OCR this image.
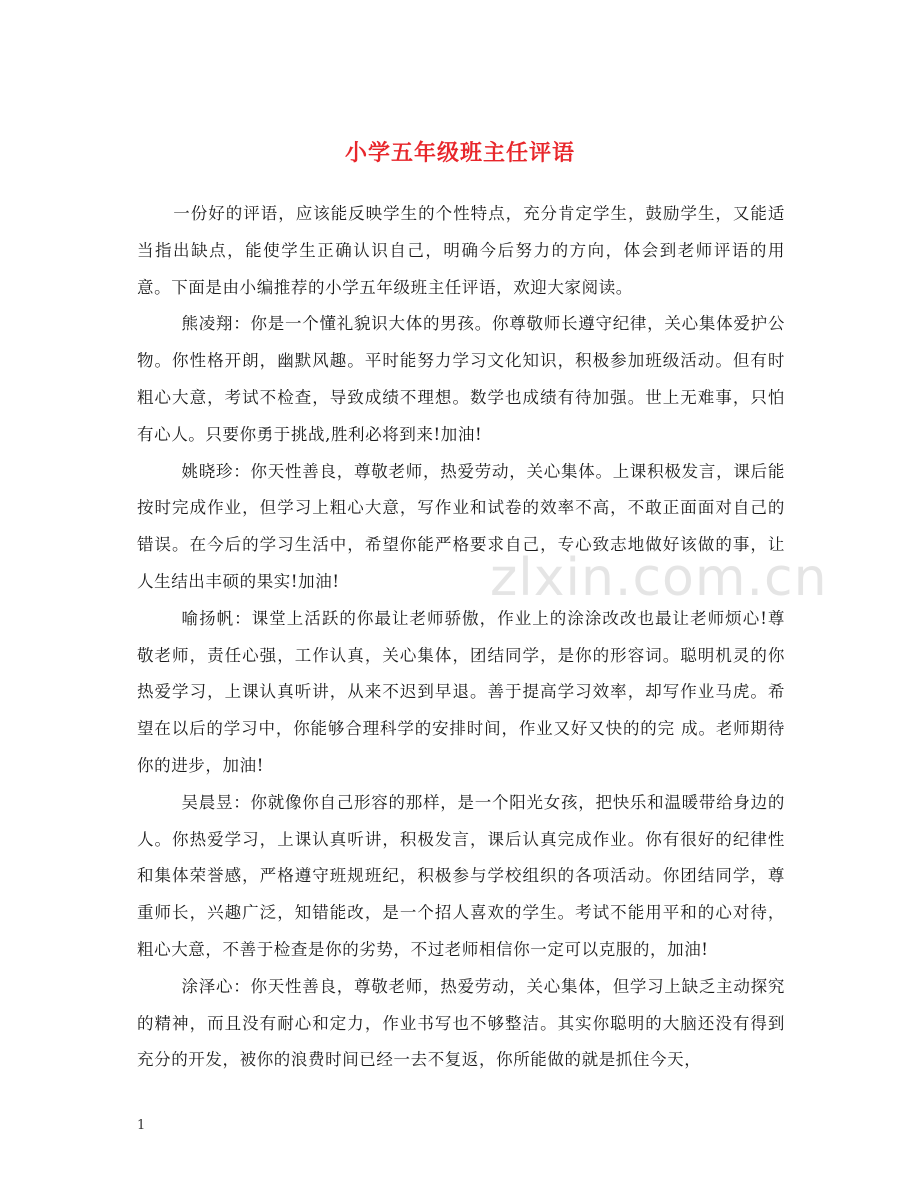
小学五年级班主任评语

一份好的评语，应该能反映学生的个性特点，充分肯定学生，鼓励学生，又能适当指出缺点，能使学生正确认识自己，明确今后努力的方向，体会到老师评语的用意。下面是由小编推荐的小学五年级班主任评语，欢迎大家阅读。

熊凌翔：你是一个懂礼貌识大体的男孩。你尊敬师长遵守纪律，关心集体爱护公物。你性格开朗，幽默风趣。平时能努力学习文化知识，积极参加班级活动。但有时粗心大意，考试不检查，导致成绩不理想。数学也成绩有待加强。世上无难事，只怕有心人。只要你勇于挑战,胜利必将到来!加油!

姚晓珍：你天性善良，尊敬老师，热爱劳动，关心集体。上课积极发言，课后能按时完成作业，但学习上粗心大意，写作业和试卷的效率不高，不敢正面面对自己的错误。在今后的学习生活中，希望你能严格要求自己，专心致志地做好该做的事，让人生结出丰硕的果实!加油!

喻扬帆：课堂上活跃的你最让老师骄傲，作业上的涂涂改改也最让老师烦心!尊敬老师，责任心强，工作认真，关心集体，团结同学，是你的形容词。聪明机灵的你热爱学习，上课认真听讲，从来不迟到早退。善于提高学习效率，却写作业马虎。希望在以后的学习中，你能够合理科学的安排时间，作业又好又快的的完 成。老师期待你的进步，加油!

吴晨昱：你就像你自己形容的那样，是一个阳光女孩，把快乐和温暖带给身边的人。你热爱学习，上课认真听讲，积极发言，课后认真完成作业。你有很好的纪律性和集体荣誉感，严格遵守班规班纪，积极参与学校组织的各项活动。你团结同学，尊重师长，兴趣广泛，知错能改，是一个招人喜欢的学生。考试不能用平和的心对待，粗心大意，不善于检查是你的劣势，不过老师相信你一定可以克服的，加油!

涂泽心：你天性善良，尊敬老师，热爱劳动，关心集体，但学习上缺乏主动探究的精神，而且没有耐心和定力，作业书写也不够整洁。其实你聪明的大脑还没有得到充分的开发，被你的浪费时间已经一去不复返，你所能做的就是抓住今天，

zlxin.com.cn
1
